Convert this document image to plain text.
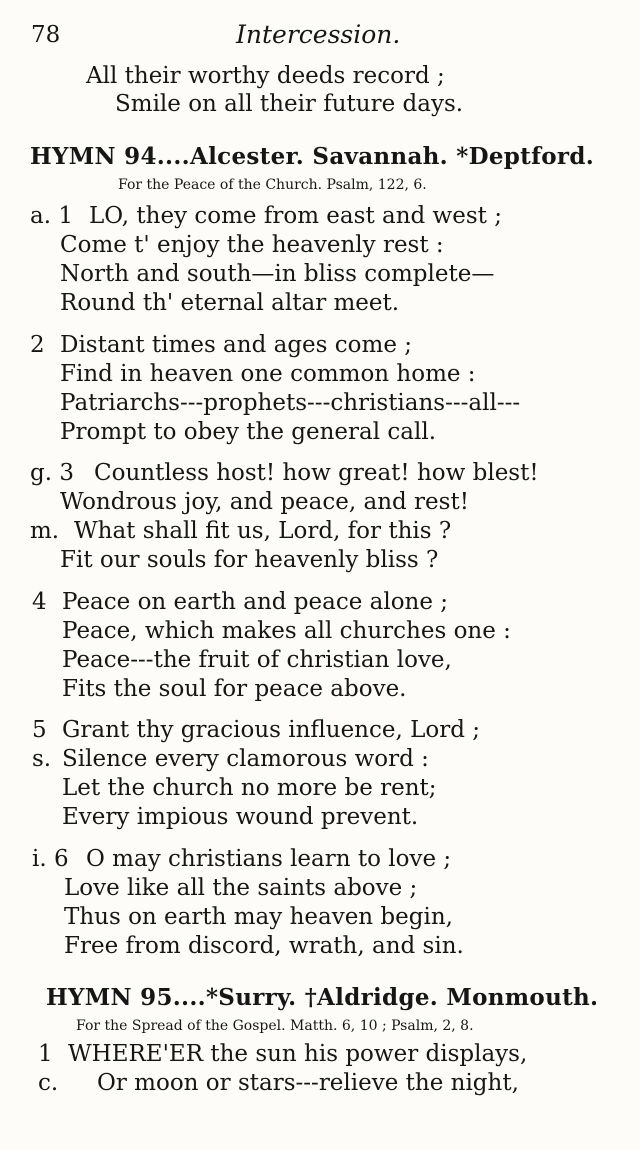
78	Intercession.
All their worthy deeds record ;
Smile on all their future days.
HYMN 94....Alcester. Savannah. *Deptford.
For the Peace of the Church. Psalm, 122, 6.
a. 1 LO, they come from east and west ;
Come t' enjoy the heavenly rest :
North and south—in bliss complete—
Round th' eternal altar meet.
2 Distant times and ages come ;
Find in heaven one common home :
Patriarchs---prophets---christians---all---
Prompt to obey the general call.
g. 3 Countless host! how great! how blest!
Wondrous joy, and peace, and rest!
m. What shall fit us, Lord, for this ?
Fit our souls for heavenly bliss ?
4 Peace on earth and peace alone ;
Peace, which makes all churches one :
Peace---the fruit of christian love,
Fits the soul for peace above.
5 Grant thy gracious influence, Lord ;
s. Silence every clamorous word :
Let the church no more be rent;
Every impious wound prevent.
i. 6 O may christians learn to love ;
Love like all the saints above ;
Thus on earth may heaven begin,
Free from discord, wrath, and sin.
HYMN 95....*Surry. †Aldridge. Monmouth.
For the Spread of the Gospel. Matth. 6, 10 ; Psalm, 2, 8.
1 WHERE'ER the sun his power displays,
c. Or moon or stars---relieve the night,
